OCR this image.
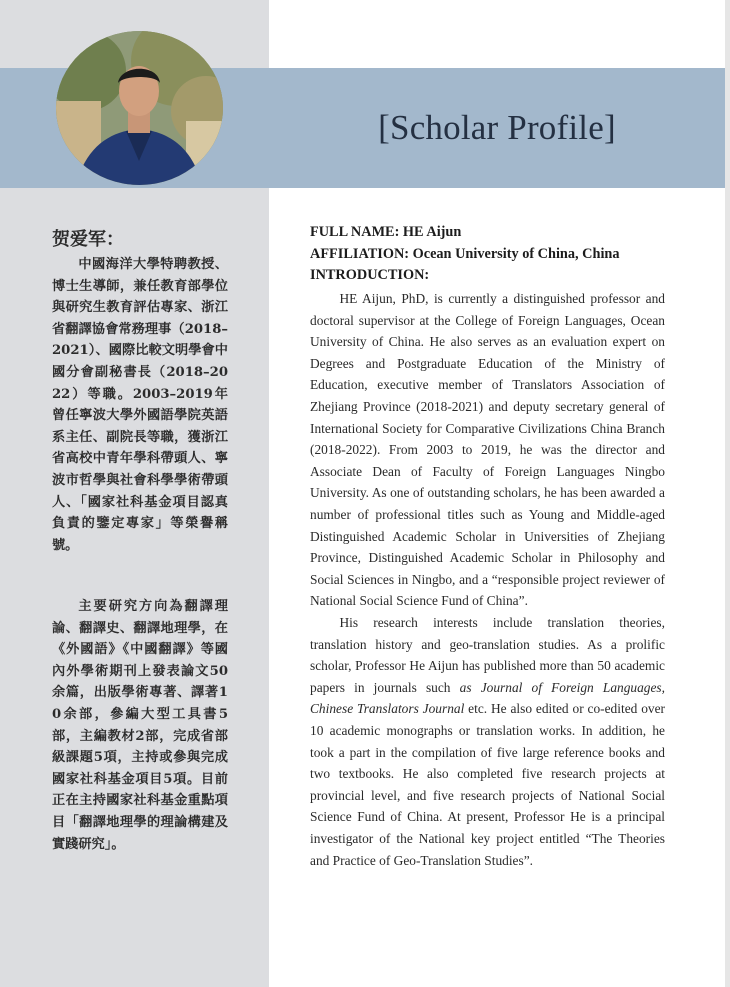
[Scholar Profile]
贺爱军：

中國海洋大學特聘教授、博士生導師，兼任教育部學位與研究生教育評估專家、浙江省翻譯協會常務理事（2018–2021）、國際比較文明學會中國分會副秘書長（2018–2022）等職。2003–2019年曾任寧波大學外國語學院英語系主任、副院長等職，獲浙江省高校中青年學科帶頭人、寧波市哲學與社會科學學術帶頭人、「國家社科基金項目認真負責的鑒定專家」等榮譽稱號。

主要研究方向為翻譯理論、翻譯史、翻譯地理學，在《外國語》《中國翻譯》等國內外學術期刊上發表論文50余篇，出版學術專著、譯著10余部，參編大型工具書5部，主編教材2部，完成省部級課題5項，主持或參與完成國家社科基金項目5項。目前正在主持國家社科基金重點項目「翻譯地理學的理論構建及實踐研究」。

FULL NAME: HE Aijun
AFFILIATION: Ocean University of China, China
INTRODUCTION:

HE Aijun, PhD, is currently a distinguished professor and doctoral supervisor at the College of Foreign Languages, Ocean University of China. He also serves as an evaluation expert on Degrees and Postgraduate Education of the Ministry of Education, executive member of Translators Association of Zhejiang Province (2018-2021) and deputy secretary general of International Society for Comparative Civilizations China Branch (2018-2022). From 2003 to 2019, he was the director and Associate Dean of Faculty of Foreign Languages Ningbo University. As one of outstanding scholars, he has been awarded a number of professional titles such as Young and Middle-aged Distinguished Academic Scholar in Universities of Zhejiang Province, Distinguished Academic Scholar in Philosophy and Social Sciences in Ningbo, and a “responsible project reviewer of National Social Science Fund of China”.

His research interests include translation theories, translation history and geo-translation studies. As a prolific scholar, Professor He Aijun has published more than 50 academic papers in journals such as Journal of Foreign Languages, Chinese Translators Journal etc. He also edited or co-edited over 10 academic monographs or translation works. In addition, he took a part in the compilation of five large reference books and two textbooks. He also completed five research projects at provincial level, and five research projects of National Social Science Fund of China. At present, Professor He is a principal investigator of the National key project entitled “The Theories and Practice of Geo-Translation Studies”.
